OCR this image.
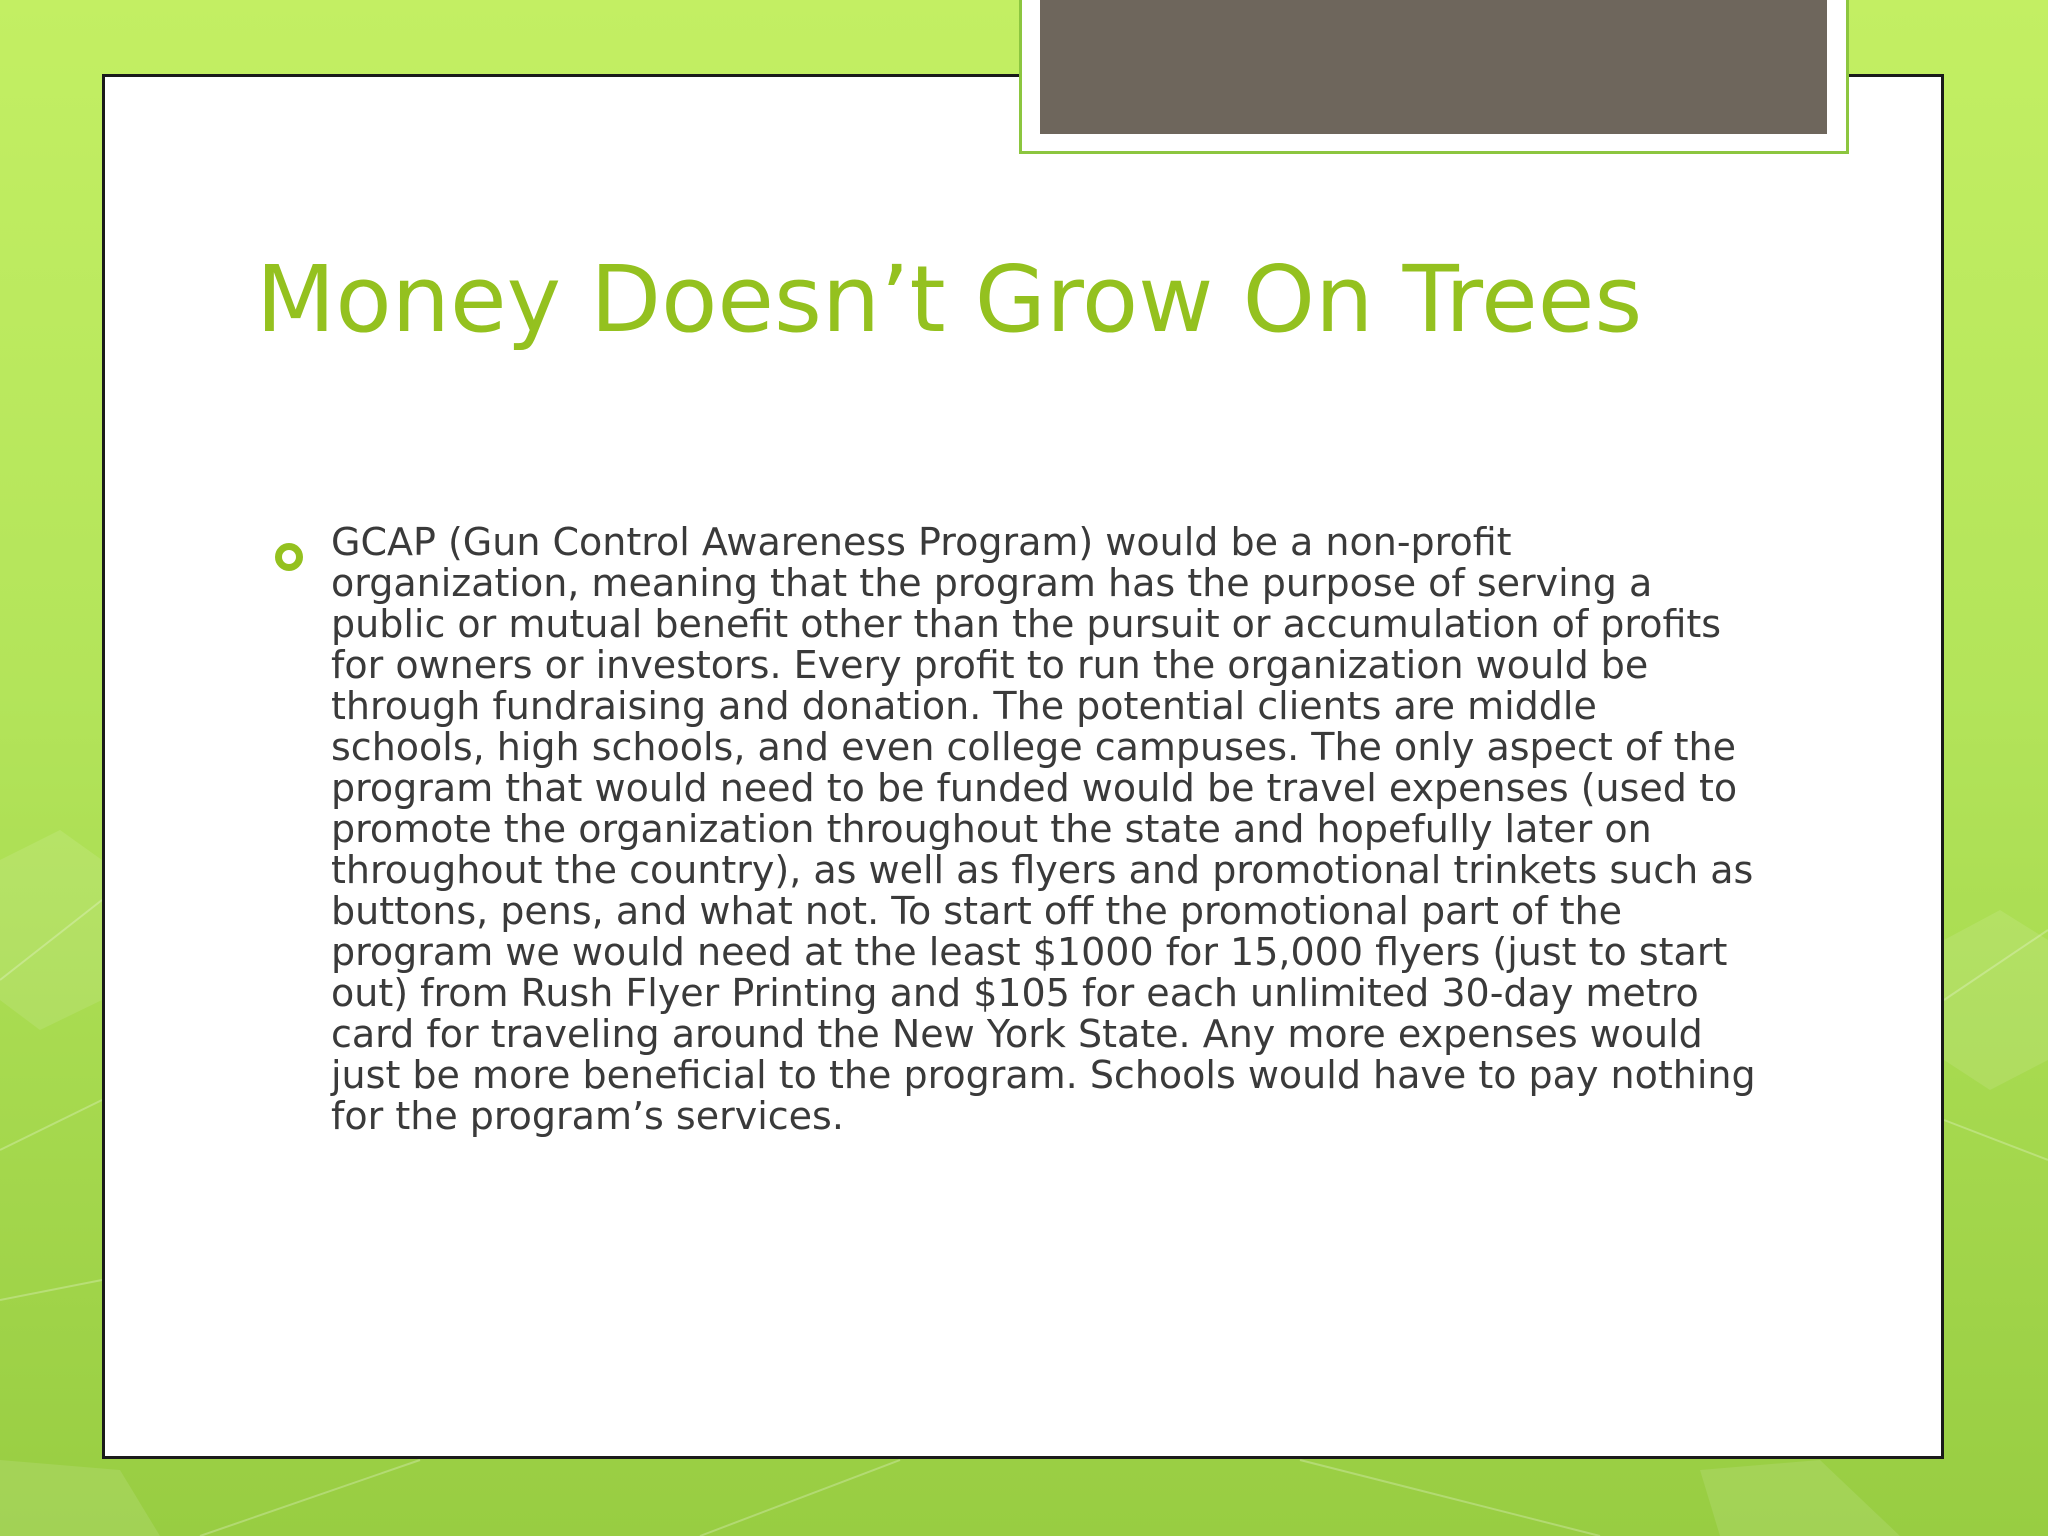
Money Doesn’t Grow On Trees

GCAP (Gun Control Awareness Program) would be a non-profit organization, meaning that the program has the purpose of serving a public or mutual benefit other than the pursuit or accumulation of profits for owners or investors. Every profit to run the organization would be through fundraising and donation. The potential clients are middle schools, high schools, and even college campuses. The only aspect of the program that would need to be funded would be travel expenses (used to promote the organization throughout the state and hopefully later on throughout the country), as well as flyers and promotional trinkets such as buttons, pens, and what not. To start off the promotional part of the program we would need at the least $1000 for 15,000 flyers (just to start out) from Rush Flyer Printing and $105 for each unlimited 30-day metro card for traveling around the New York State. Any more expenses would just be more beneficial to the program. Schools would have to pay nothing for the program’s services.
